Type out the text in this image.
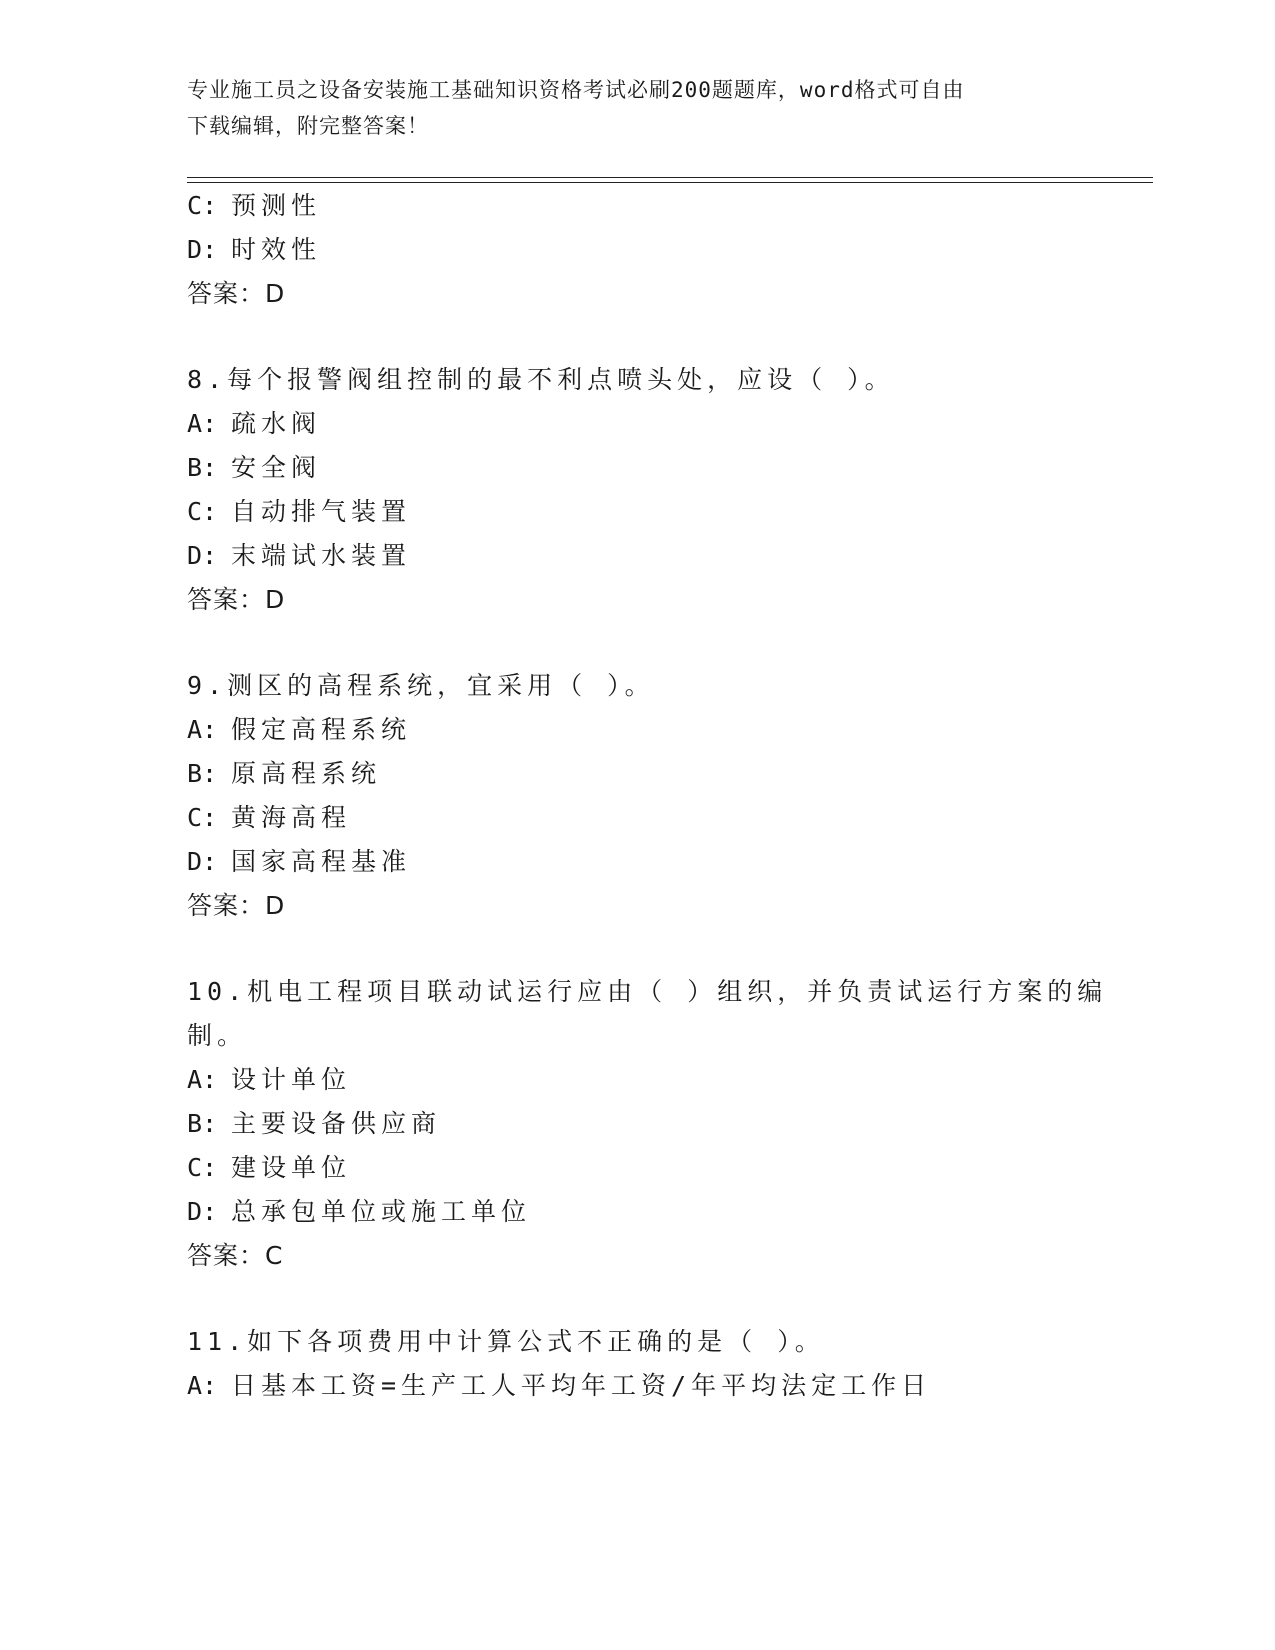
专业施工员之设备安装施工基础知识资格考试必刷200题题库，word格式可自由
下载编辑，附完整答案！
C: 预测性
D: 时效性
答案：D
8.每个报警阀组控制的最不利点喷头处，应设（ ）。
A: 疏水阀
B: 安全阀
C: 自动排气装置
D: 末端试水装置
答案：D
9.测区的高程系统，宜采用（ ）。
A: 假定高程系统
B: 原高程系统
C: 黄海高程
D: 国家高程基准
答案：D
10.机电工程项目联动试运行应由（ ）组织，并负责试运行方案的编
制。
A: 设计单位
B: 主要设备供应商
C: 建设单位
D: 总承包单位或施工单位
答案：C
11.如下各项费用中计算公式不正确的是（ ）。
A: 日基本工资=生产工人平均年工资/年平均法定工作日
